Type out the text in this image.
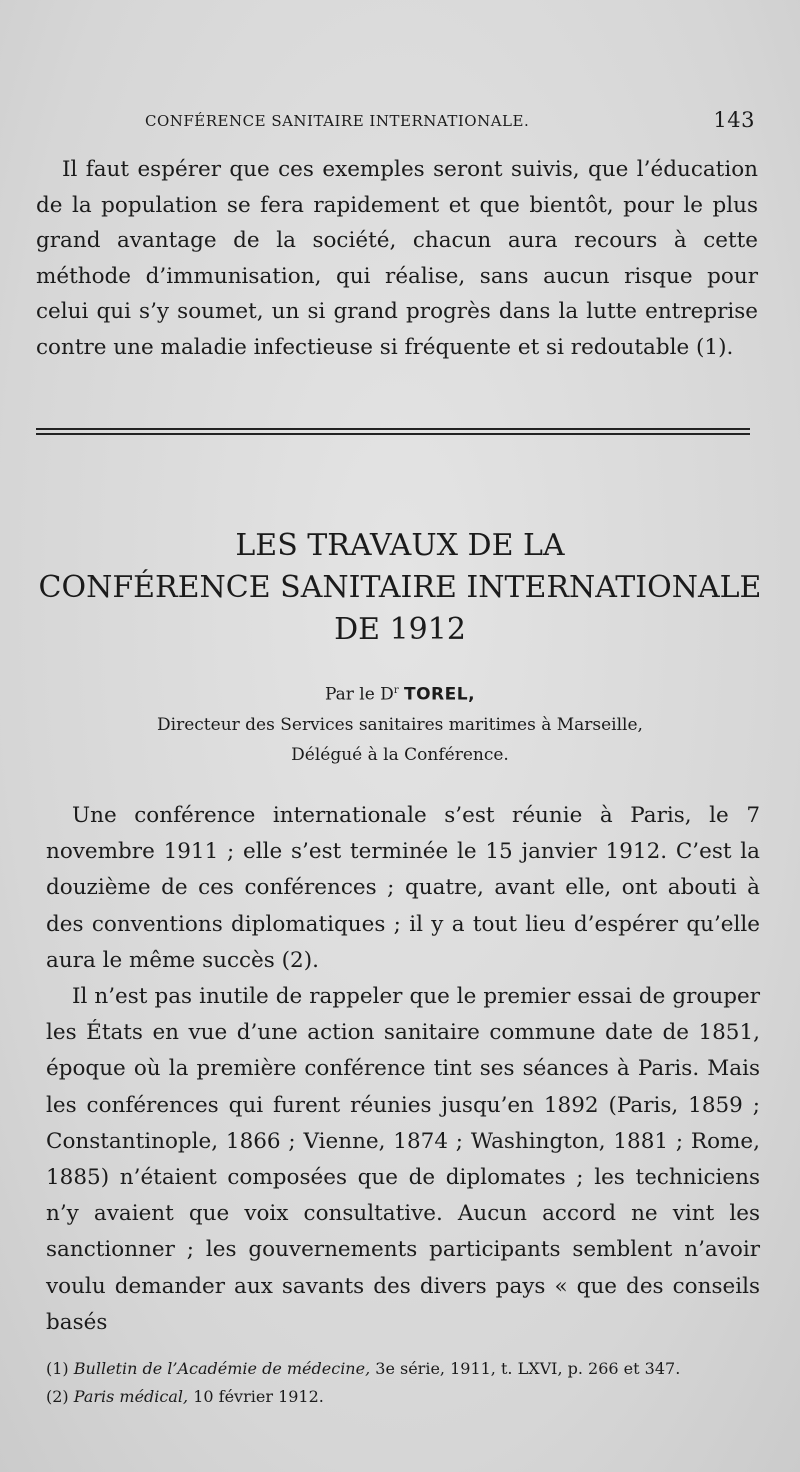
CONFÉRENCE SANITAIRE INTERNATIONALE.	143

Il faut espérer que ces exemples seront suivis, que l’éducation de la population se fera rapidement et que bientôt, pour le plus grand avantage de la société, chacun aura recours à cette méthode d’immunisation, qui réalise, sans aucun risque pour celui qui s’y soumet, un si grand progrès dans la lutte entreprise contre une maladie infectieuse si fréquente et si redoutable (1).

LES TRAVAUX DE LA
CONFÉRENCE SANITAIRE INTERNATIONALE
DE 1912
Par le $D^r$ TOREL,
Directeur des Services sanitaires maritimes à Marseille,
Délégué à la Conférence.

Une conférence internationale s’est réunie à Paris, le 7 novembre 1911 ; elle s’est terminée le 15 janvier 1912. C’est la douzième de ces conférences ; quatre, avant elle, ont abouti à des conventions diplomatiques ; il y a tout lieu d’espérer qu’elle aura le même succès (2).

Il n’est pas inutile de rappeler que le premier essai de grouper les États en vue d’une action sanitaire commune date de 1851, époque où la première conférence tint ses séances à Paris. Mais les conférences qui furent réunies jusqu’en 1892 (Paris, 1859 ; Constantinople, 1866 ; Vienne, 1874 ; Washington, 1881 ; Rome, 1885) n’étaient composées que de diplomates ; les techniciens n’y avaient que voix consultative. Aucun accord ne vint les sanctionner ; les gouvernements participants semblent n’avoir voulu demander aux savants des divers pays « que des conseils basés

(1) Bulletin de l’Académie de médecine, 3e série, 1911, t. LXVI, p. 266 et 347.

(2) Paris médical, 10 février 1912.
